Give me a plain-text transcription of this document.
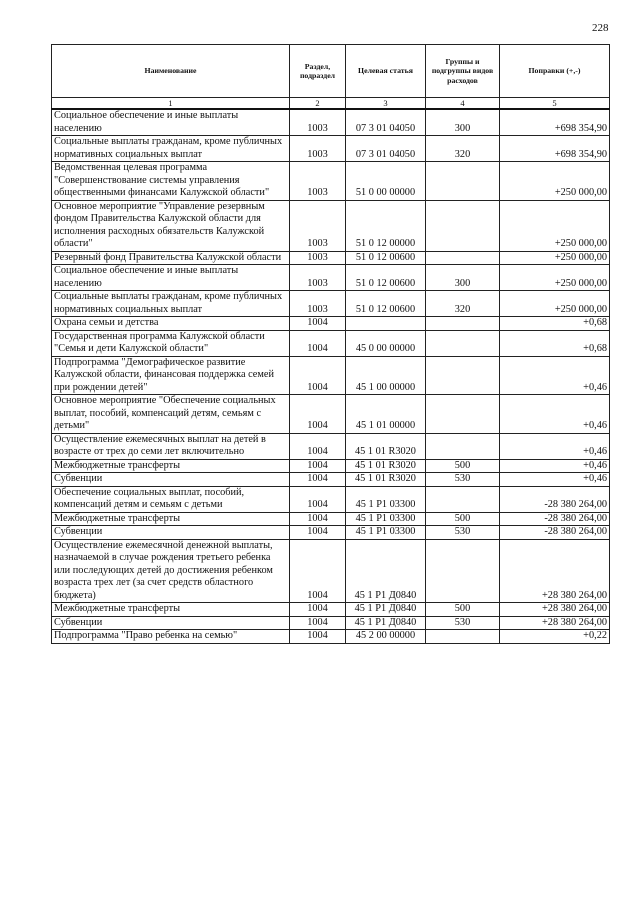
228
Наименование	Раздел, подраздел	Целевая статья	Группы и подгруппы видов расходов	Поправки (+,-)
1	2	3	4	5
Социальное обеспечение и иные выплаты населению	1003	07 3 01 04050	300	+698 354,90
Социальные выплаты гражданам, кроме публичных нормативных социальных выплат	1003	07 3 01 04050	320	+698 354,90
Ведомственная целевая программа "Совершенствование системы управления общественными финансами Калужской области"	1003	51 0 00 00000		+250 000,00
Основное мероприятие "Управление резервным фондом Правительства Калужской области для исполнения расходных обязательств Калужской области"	1003	51 0 12 00000		+250 000,00
Резервный фонд Правительства Калужской области	1003	51 0 12 00600		+250 000,00
Социальное обеспечение и иные выплаты населению	1003	51 0 12 00600	300	+250 000,00
Социальные выплаты гражданам, кроме публичных нормативных социальных выплат	1003	51 0 12 00600	320	+250 000,00
Охрана семьи и детства	1004			+0,68
Государственная программа Калужской области "Семья и дети Калужской области"	1004	45 0 00 00000		+0,68
Подпрограмма "Демографическое развитие Калужской области, финансовая поддержка семей при рождении детей"	1004	45 1 00 00000		+0,46
Основное мероприятие "Обеспечение социальных выплат, пособий, компенсаций детям, семьям с детьми"	1004	45 1 01 00000		+0,46
Осуществление ежемесячных выплат на детей в возрасте от трех до семи лет включительно	1004	45 1 01 R3020		+0,46
Межбюджетные трансферты	1004	45 1 01 R3020	500	+0,46
Субвенции	1004	45 1 01 R3020	530	+0,46
Обеспечение социальных выплат, пособий, компенсаций детям и семьям с детьми	1004	45 1 P1 03300		-28 380 264,00
Межбюджетные трансферты	1004	45 1 P1 03300	500	-28 380 264,00
Субвенции	1004	45 1 P1 03300	530	-28 380 264,00
Осуществление ежемесячной денежной выплаты, назначаемой в случае рождения третьего ребенка или последующих детей до достижения ребенком возраста трех лет (за счет средств областного бюджета)	1004	45 1 P1 Д0840		+28 380 264,00
Межбюджетные трансферты	1004	45 1 P1 Д0840	500	+28 380 264,00
Субвенции	1004	45 1 P1 Д0840	530	+28 380 264,00
Подпрограмма "Право ребенка на семью"	1004	45 2 00 00000		+0,22
